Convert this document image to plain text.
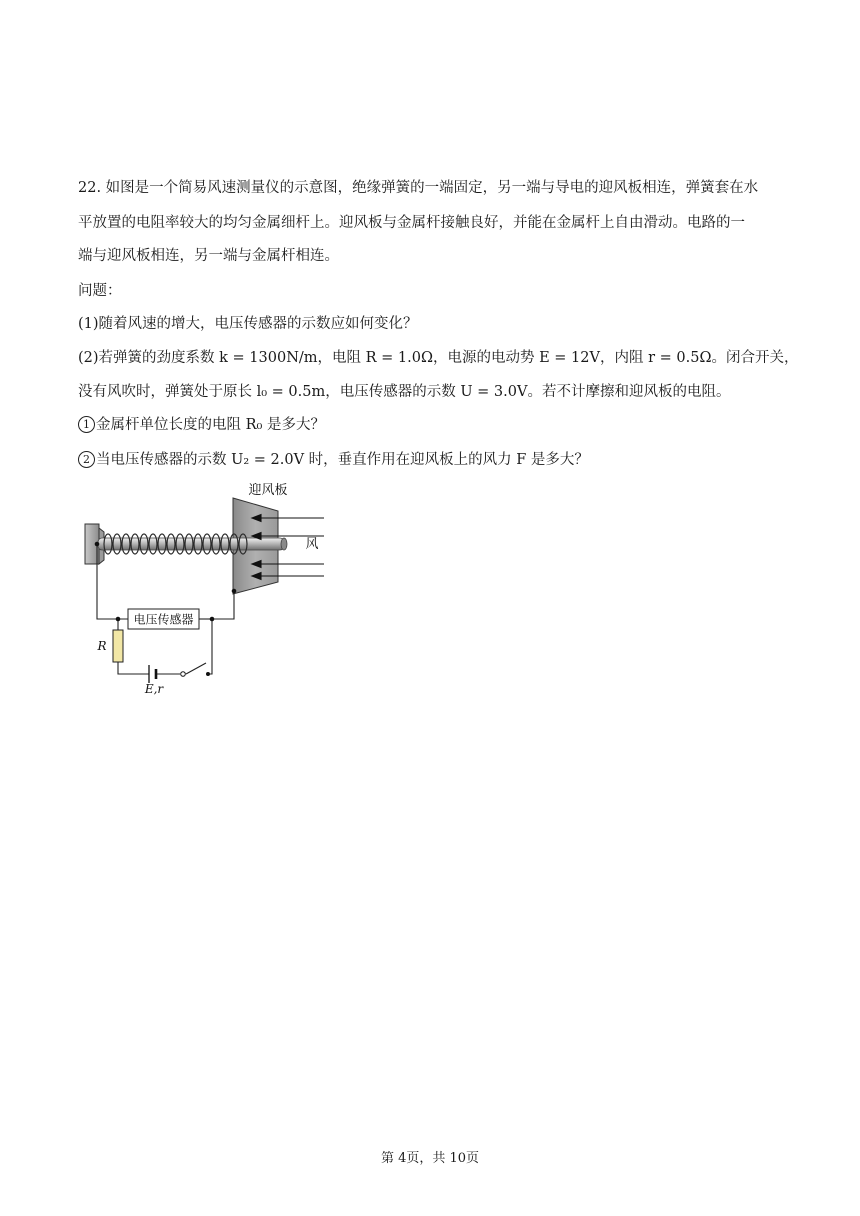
22. 如图是一个简易风速测量仪的示意图，绝缘弹簧的一端固定，另一端与导电的迎风板相连，弹簧套在水
平放置的电阻率较大的均匀金属细杆上。迎风板与金属杆接触良好，并能在金属杆上自由滑动。电路的一
端与迎风板相连，另一端与金属杆相连。
问题：
(1)随着风速的增大，电压传感器的示数应如何变化？
(2)若弹簧的劲度系数 k = 1300N/m，电阻 R = 1.0Ω，电源的电动势 E = 12V，内阻 r = 0.5Ω。闭合开关，
没有风吹时，弹簧处于原长 l₀ = 0.5m，电压传感器的示数 U = 3.0V。若不计摩擦和迎风板的电阻。
1 金属杆单位长度的电阻 R₀ 是多大？
2 当电压传感器的示数 U₂ = 2.0V 时，垂直作用在迎风板上的风力 F 是多大？
电压传感器
R
E,r
迎风板
风
第 4页，共 10页
